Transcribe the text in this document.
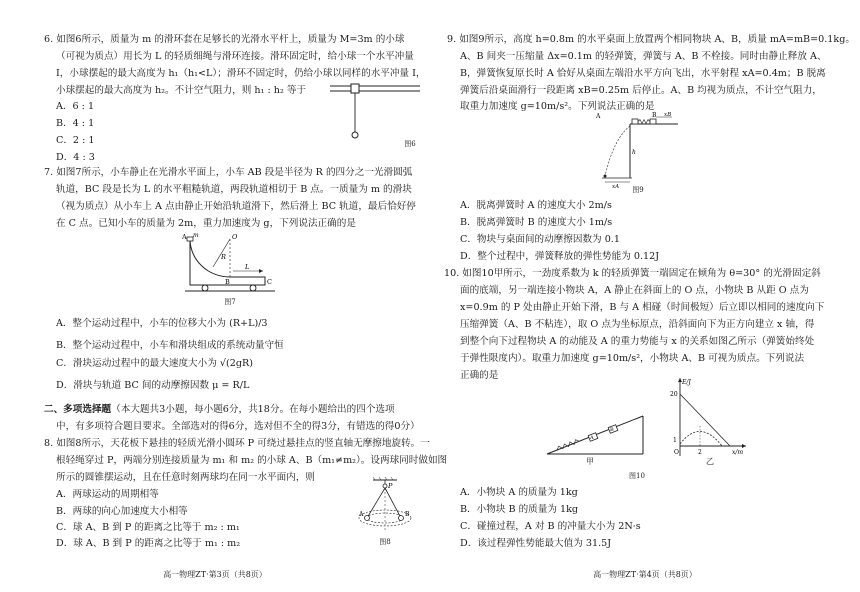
6. 如图6所示，质量为 m 的滑环套在足够长的光滑水平杆上，质量为 M=3m 的小球
（可视为质点）用长为 L 的轻质细绳与滑环连接。滑环固定时，给小球一个水平冲量
I，小球摆起的最大高度为 h₁（h₁<L）；滑环不固定时，仍给小球以同样的水平冲量 I，
小球摆起的最大高度为 h₂。不计空气阻力，则 h₁ : h₂ 等于
A．6 : 1
B．4 : 1
C．2 : 1
D．4 : 3
图6
7. 如图7所示，小车静止在光滑水平面上，小车 AB 段是半径为 R 的四分之一光滑圆弧
轨道，BC 段是长为 L 的水平粗糙轨道，两段轨道相切于 B 点。一质量为 m 的滑块
（视为质点）从小车上 A 点由静止开始沿轨道滑下，然后滑上 BC 轨道，最后恰好停
在 C 点。已知小车的质量为 2m，重力加速度为 g，下列说法正确的是
A m	O
R
L
B	C
图7
A．整个运动过程中，小车的位移大小为 (R+L)/3
B．整个运动过程中，小车和滑块组成的系统动量守恒
C．滑块运动过程中的最大速度大小为 √(2gR)
D．滑块与轨道 BC 间的动摩擦因数 μ = R/L
二、多项选择题（本大题共3小题，每小题6分，共18分。在每小题给出的四个选项
中，有多项符合题目要求。全部选对的得6分，选对但不全的得3分，有错选的得0分）
8. 如图8所示，天花板下悬挂的轻质光滑小圆环 P 可绕过悬挂点的竖直轴无摩擦地旋转。一
根轻绳穿过 P，两端分别连接质量为 m₁ 和 m₂ 的小球 A、B（m₁≠m₂）。设两球同时做如图
所示的圆锥摆运动，且在任意时刻两球均在同一水平面内，则
A．两球运动的周期相等
B．两球的向心加速度大小相等
C．球 A、B 到 P 的距离之比等于 m₂ : m₁
D．球 A、B 到 P 的距离之比等于 m₁ : m₂
P
A	B
图8
高一物理ZT·第3页（共8页）
9. 如图9所示，高度 h=0.8m 的水平桌面上放置两个相同物块 A、B，质量 mA=mB=0.1kg。
A、B 间夹一压缩量 Δx=0.1m 的轻弹簧，弹簧与 A、B 不栓接。同时由静止释放 A、
B，弹簧恢复原长时 A 恰好从桌面左端沿水平方向飞出，水平射程 xA=0.4m；B 脱离
弹簧后沿桌面滑行一段距离 xB=0.25m 后停止。A、B 均视为质点，不计空气阻力，
取重力加速度 g=10m/s²。下列说法正确的是
A	B
h
xA
xB
图9
A．脱离弹簧时 A 的速度大小 2m/s
B．脱离弹簧时 B 的速度大小 1m/s
C．物块与桌面间的动摩擦因数为 0.1
D．整个过程中，弹簧释放的弹性势能为 0.12J
10. 如图10甲所示，一劲度系数为 k 的轻质弹簧一端固定在倾角为 θ=30° 的光滑固定斜
面的底端，另一端连接小物块 A，A 静止在斜面上的 O 点，小物块 B 从距 O 点为
x=0.9m 的 P 处由静止开始下滑，B 与 A 相碰（时间极短）后立即以相同的速度向下
压缩弹簧（A、B 不粘连），取 O 点为坐标原点，沿斜面向下为正方向建立 x 轴，得
到整个向下过程物块 A 的动能及 A 的重力势能与 x 的关系如图乙所示（弹簧始终处
于弹性限度内）。取重力加速度 g=10m/s²，小物块 A、B 可视为质点。下列说法
正确的是
A
B
甲
E/J
20
1
O	2	x/m
乙
图10
A．小物块 A 的质量为 1kg
B．小物块 B 的质量为 1kg
C．碰撞过程，A 对 B 的冲量大小为 2N·s
D．该过程弹性势能最大值为 31.5J
高一物理ZT·第4页（共8页）
